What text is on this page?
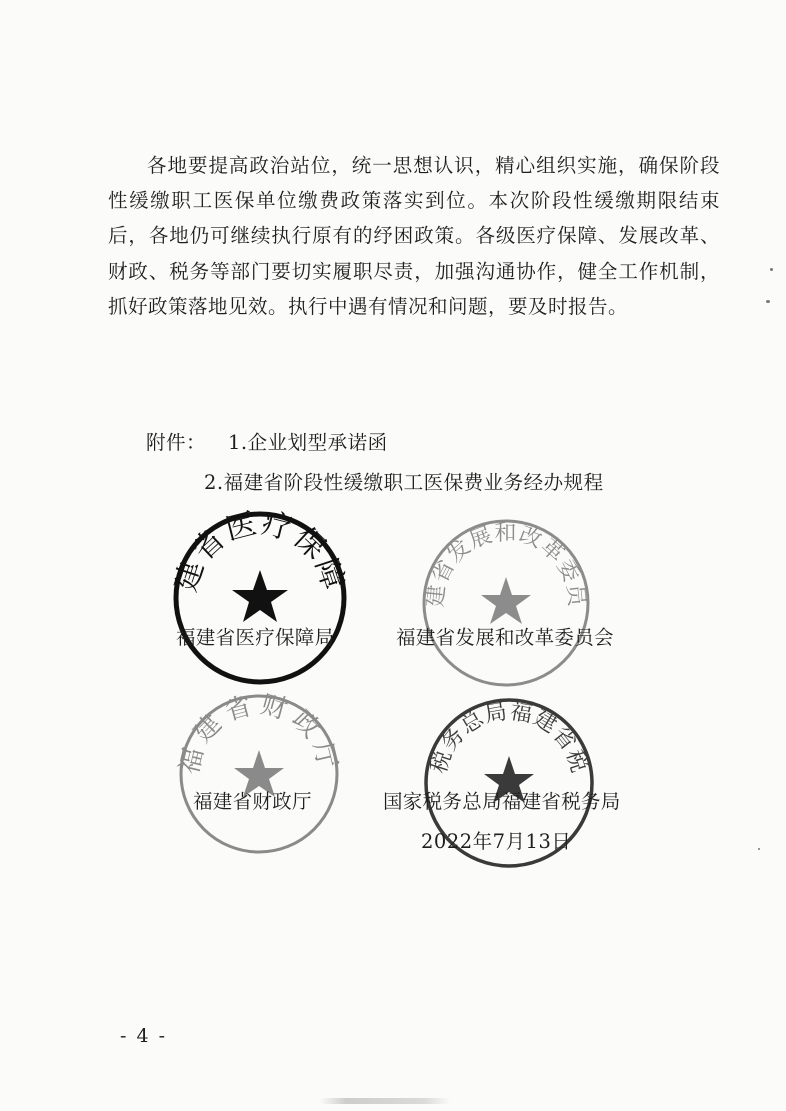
各地要提高政治站位，统一思想认识，精心组织实施，确保阶段性缓缴职工医保单位缴费政策落实到位。本次阶段性缓缴期限结束后，各地仍可继续执行原有的纾困政策。各级医疗保障、发展改革、财政、税务等部门要切实履职尽责，加强沟通协作，健全工作机制，抓好政策落地见效。执行中遇有情况和问题，要及时报告。
附件： 1.企业划型承诺函
2.福建省阶段性缓缴职工医保费业务经办规程
建省医疗保障	建省发展和改革委员
福建省财政厅	税务总局福建省税
福建省医疗保障局	福建省发展和改革委员会
福建省财政厅	国家税务总局福建省税务局
2022年7月13日
- 4 -
